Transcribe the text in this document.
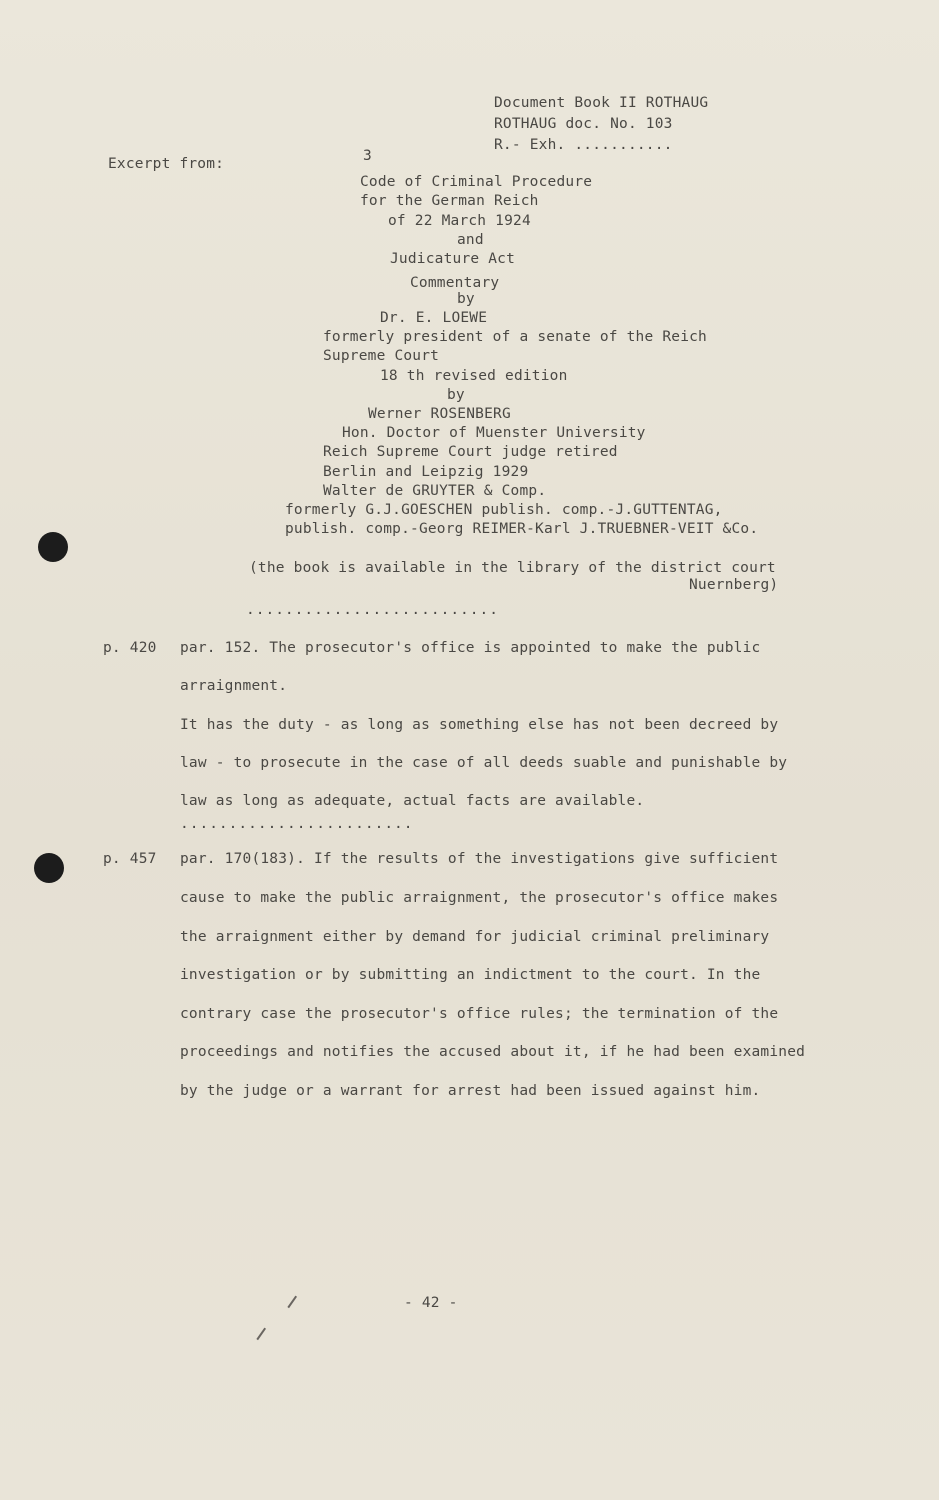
Document Book II ROTHAUG
ROTHAUG doc. No. 103
R.- Exh. ...........
Excerpt from:	3
Code of Criminal Procedure
for the German Reich
of 22 March 1924
and
Judicature Act
Commentary
by
Dr. E. LOEWE
formerly president of a senate of the Reich
Supreme Court
18 th revised edition
by
Werner ROSENBERG
Hon. Doctor of Muenster University
Reich Supreme Court judge retired
Berlin and Leipzig 1929
Walter de GRUYTER & Comp.
formerly G.J.GOESCHEN publish. comp.-J.GUTTENTAG,
publish. comp.-Georg REIMER-Karl J.TRUEBNER-VEIT &Co.
(the book is available in the library of the district court
Nuernberg)
..........................
p. 420 par. 152. The prosecutor's office is appointed to make the public
arraignment.
It has the duty - as long as something else has not been decreed by
law - to prosecute in the case of all deeds suable and punishable by
law as long as adequate, actual facts are available.
........................
p. 457 par. 170(183). If the results of the investigations give sufficient
cause to make the public arraignment, the prosecutor's office makes
the arraignment either by demand for judicial criminal preliminary
investigation or by submitting an indictment to the court. In the
contrary case the prosecutor's office rules; the termination of the
proceedings and notifies the accused about it, if he had been examined
by the judge or a warrant for arrest had been issued against him.
- 42 -
